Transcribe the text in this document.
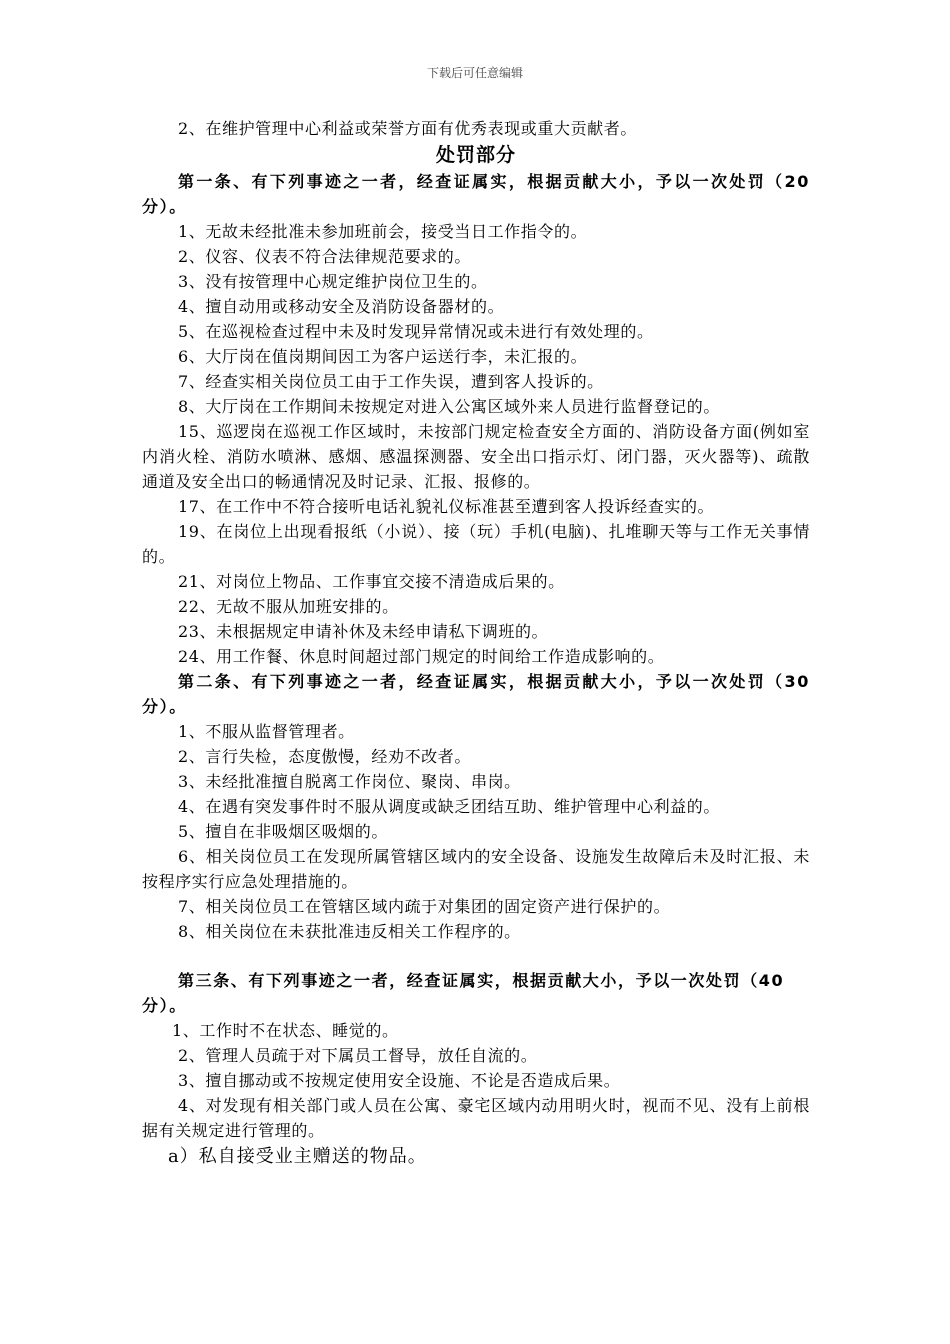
下载后可任意编辑
2、在维护管理中心利益或荣誉方面有优秀表现或重大贡献者。
处罚部分
第一条、有下列事迹之一者，经查证属实，根据贡献大小，予以一次处罚（20分）。
1、无故未经批准未参加班前会，接受当日工作指令的。
2、仪容、仪表不符合法律规范要求的。
3、没有按管理中心规定维护岗位卫生的。
4、擅自动用或移动安全及消防设备器材的。
5、在巡视检查过程中未及时发现异常情况或未进行有效处理的。
6、大厅岗在值岗期间因工为客户运送行李，未汇报的。
7、经查实相关岗位员工由于工作失误，遭到客人投诉的。
8、大厅岗在工作期间未按规定对进入公寓区域外来人员进行监督登记的。
15、巡逻岗在巡视工作区域时，未按部门规定检查安全方面的、消防设备方面(例如室内消火栓、消防水喷淋、感烟、感温探测器、安全出口指示灯、闭门器，灭火器等)、疏散通道及安全出口的畅通情况及时记录、汇报、报修的。
17、在工作中不符合接听电话礼貌礼仪标准甚至遭到客人投诉经查实的。
19、在岗位上出现看报纸（小说）、接（玩）手机(电脑)、扎堆聊天等与工作无关事情的。
21、对岗位上物品、工作事宜交接不清造成后果的。
22、无故不服从加班安排的。
23、未根据规定申请补休及未经申请私下调班的。
24、用工作餐、休息时间超过部门规定的时间给工作造成影响的。
第二条、有下列事迹之一者，经查证属实，根据贡献大小，予以一次处罚（30分）。
1、不服从监督管理者。
2、言行失检，态度傲慢，经劝不改者。
3、未经批准擅自脱离工作岗位、聚岗、串岗。
4、在遇有突发事件时不服从调度或缺乏团结互助、维护管理中心利益的。
5、擅自在非吸烟区吸烟的。
6、相关岗位员工在发现所属管辖区域内的安全设备、设施发生故障后未及时汇报、未按程序实行应急处理措施的。
7、相关岗位员工在管辖区域内疏于对集团的固定资产进行保护的。
8、相关岗位在未获批准违反相关工作程序的。
第三条、有下列事迹之一者，经查证属实，根据贡献大小，予以一次处罚（40
分）。
1、工作时不在状态、睡觉的。
2、管理人员疏于对下属员工督导，放任自流的。
3、擅自挪动或不按规定使用安全设施、不论是否造成后果。
4、对发现有相关部门或人员在公寓、豪宅区域内动用明火时，视而不见、没有上前根据有关规定进行管理的。
a）私自接受业主赠送的物品。
